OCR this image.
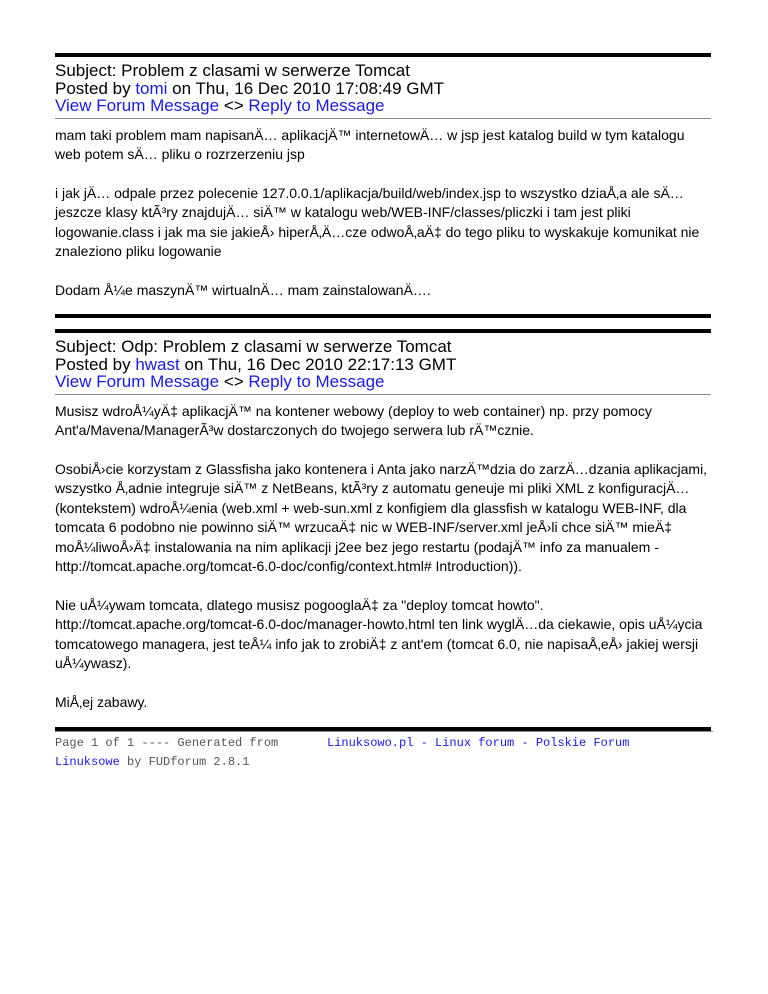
Subject: Problem z clasami w serwerze Tomcat
Posted by tomi on Thu, 16 Dec 2010 17:08:49 GMT
View Forum Message <> Reply to Message

mam taki problem mam napisanÄ… aplikacjÄ™ internetowÄ… w jsp jest katalog build w tym katalogu web potem sÄ… pliku o rozrzerzeniu jsp

i jak jÄ… odpale przez polecenie 127.0.0.1/aplikacja/build/web/index.jsp to wszystko dziaÅ‚a ale sÄ… jeszcze klasy ktÃ³ry znajdujÄ… siÄ™ w katalogu web/WEB-INF/classes/pliczki i tam jest pliki logowanie.class i jak ma sie jakieÅ› hiperÅ‚Ä…cze odwoÅ‚aÄ‡ do tego pliku to wyskakuje komunikat nie znaleziono pliku logowanie

Dodam Å¼e maszynÄ™ wirtualnÄ… mam zainstalowanÄ….

Subject: Odp: Problem z clasami w serwerze Tomcat
Posted by hwast on Thu, 16 Dec 2010 22:17:13 GMT
View Forum Message <> Reply to Message

Musisz wdroÅ¼yÄ‡ aplikacjÄ™ na kontener webowy (deploy to web container) np. przy pomocy Ant'a/Mavena/ManagerÃ³w dostarczonych do twojego serwera lub rÄ™cznie.

OsobiÅ›cie korzystam z Glassfisha jako kontenera i Anta jako narzÄ™dzia do zarzÄ…dzania aplikacjami, wszystko Å‚adnie integruje siÄ™ z NetBeans, ktÃ³ry z automatu geneuje mi pliki XML z konfiguracjÄ… (kontekstem) wdroÅ¼enia (web.xml + web-sun.xml z konfigiem dla glassfish w katalogu WEB-INF, dla tomcata 6 podobno nie powinno siÄ™ wrzucaÄ‡ nic w WEB-INF/server.xml jeÅ›li chce siÄ™ mieÄ‡ moÅ¼liwoÅ›Ä‡ instalowania na nim aplikacji j2ee bez jego restartu (podajÄ™ info za manualem - http://tomcat.apache.org/tomcat-6.0-doc/config/context.html# Introduction)).

Nie uÅ¼ywam tomcata, dlatego musisz pogooglaÄ‡ za "deploy tomcat howto". http://tomcat.apache.org/tomcat-6.0-doc/manager-howto.html ten link wyglÄ…da ciekawie, opis uÅ¼ycia tomcatowego managera, jest teÅ¼ info jak to zrobiÄ‡ z ant'em (tomcat 6.0, nie napisaÅ‚eÅ› jakiej wersji uÅ¼ywasz).

MiÅ‚ej zabawy.

Page 1 of 1 ---- Generated from
Linuksowe by FUDforum 2.8.1
Linuksowo.pl - Linux forum - Polskie Forum
